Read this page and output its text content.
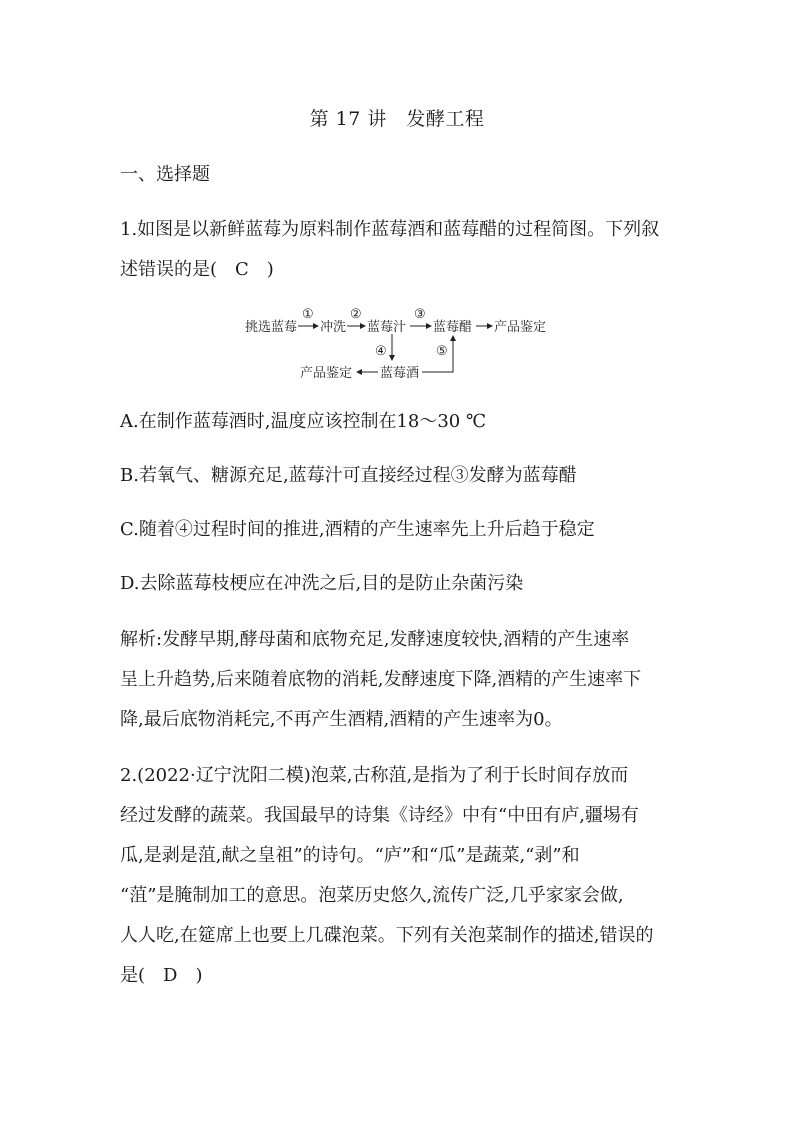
第 17 讲　发酵工程
一、选择题
1.如图是以新鲜蓝莓为原料制作蓝莓酒和蓝莓醋的过程简图。下列叙
述错误的是(　C　)
挑选蓝莓 冲洗 蓝莓汁 蓝莓醋 产品鉴定
①	②	③
④	⑤
产品鉴定 蓝莓酒
A.在制作蓝莓酒时,温度应该控制在18～30 ℃
B.若氧气、糖源充足,蓝莓汁可直接经过程③发酵为蓝莓醋
C.随着④过程时间的推进,酒精的产生速率先上升后趋于稳定
D.去除蓝莓枝梗应在冲洗之后,目的是防止杂菌污染
解析:发酵早期,酵母菌和底物充足,发酵速度较快,酒精的产生速率
呈上升趋势,后来随着底物的消耗,发酵速度下降,酒精的产生速率下
降,最后底物消耗完,不再产生酒精,酒精的产生速率为0。
2.(2022·辽宁沈阳二模)泡菜,古称菹,是指为了利于长时间存放而
经过发酵的蔬菜。我国最早的诗集《诗经》中有“中田有庐,疆埸有
瓜,是剥是菹,献之皇祖”的诗句。“庐”和“瓜”是蔬菜,“剥”和
“菹”是腌制加工的意思。泡菜历史悠久,流传广泛,几乎家家会做,
人人吃,在筵席上也要上几碟泡菜。下列有关泡菜制作的描述,错误的
是(　D　)
